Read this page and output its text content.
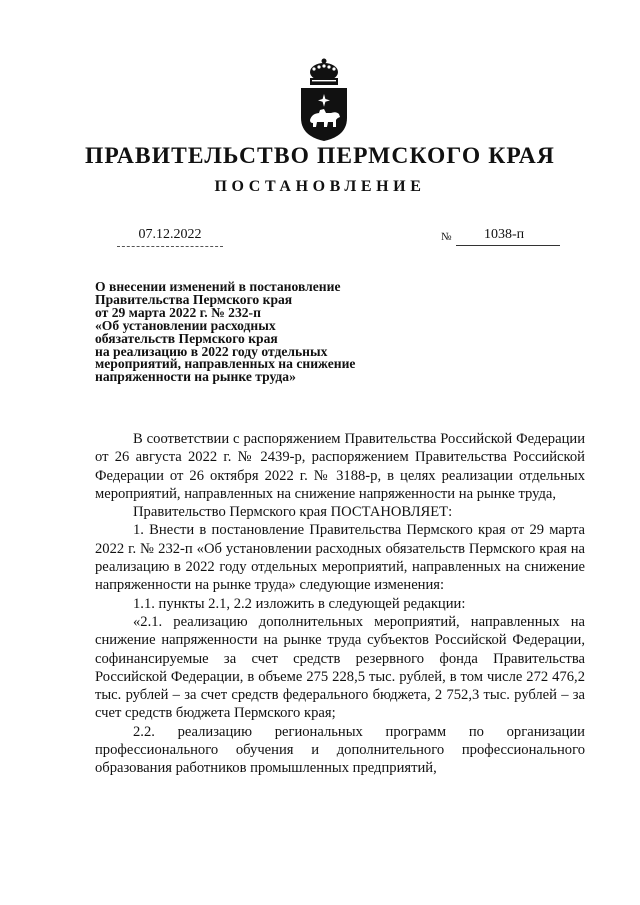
ПРАВИТЕЛЬСТВО ПЕРМСКОГО КРАЯ
ПОСТАНОВЛЕНИЕ
07.12.2022	№	1038-п
О внесении изменений в постановление
Правительства Пермского края
от 29 марта 2022 г. № 232-п
«Об установлении расходных
обязательств Пермского края
на реализацию в 2022 году отдельных
мероприятий, направленных на снижение
напряженности на рынке труда»

В соответствии с распоряжением Правительства Российской Федерации от 26 августа 2022 г. № 2439-р, распоряжением Правительства Российской Федерации от 26 октября 2022 г. № 3188-р, в целях реализации отдельных мероприятий, направленных на снижение напряженности на рынке труда,

Правительство Пермского края ПОСТАНОВЛЯЕТ:

1. Внести в постановление Правительства Пермского края от 29 марта 2022 г. № 232-п «Об установлении расходных обязательств Пермского края на реализацию в 2022 году отдельных мероприятий, направленных на снижение напряженности на рынке труда» следующие изменения:

1.1. пункты 2.1, 2.2 изложить в следующей редакции:

«2.1. реализацию дополнительных мероприятий, направленных на снижение напряженности на рынке труда субъектов Российской Федерации, софинансируемые за счет средств резервного фонда Правительства Российской Федерации, в объеме 275 228,5 тыс. рублей, в том числе 272 476,2 тыс. рублей – за счет средств федерального бюджета, 2 752,3 тыс. рублей – за счет средств бюджета Пермского края;

2.2. реализацию региональных программ по организации профессионального обучения и дополнительного профессионального образования работников промышленных предприятий,
